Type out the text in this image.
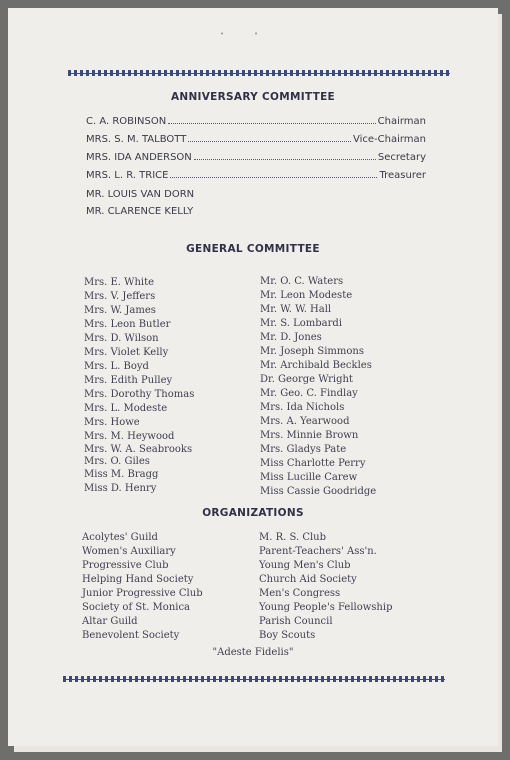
•	•
ANNIVERSARY COMMITTEE
C. A. ROBINSON	Chairman
MRS. S. M. TALBOTT	Vice-Chairman
MRS. IDA ANDERSON	Secretary
MRS. L. R. TRICE	Treasurer
MR. LOUIS VAN DORN
MR. CLARENCE KELLY
GENERAL COMMITTEE
Mrs. E. White
Mrs. V. Jeffers
Mrs. W. James
Mrs. Leon Butler
Mrs. D. Wilson
Mrs. Violet Kelly
Mrs. L. Boyd
Mrs. Edith Pulley
Mrs. Dorothy Thomas
Mrs. L. Modeste
Mrs. Howe
Mrs. M. Heywood
Mrs. W. A. Seabrooks
Mrs. O. Giles
Miss M. Bragg
Miss D. Henry
Mr. O. C. Waters
Mr. Leon Modeste
Mr. W. W. Hall
Mr. S. Lombardi
Mr. D. Jones
Mr. Joseph Simmons
Mr. Archibald Beckles
Dr. George Wright
Mr. Geo. C. Findlay
Mrs. Ida Nichols
Mrs. A. Yearwood
Mrs. Minnie Brown
Mrs. Gladys Pate
Miss Charlotte Perry
Miss Lucille Carew
Miss Cassie Goodridge
ORGANIZATIONS
Acolytes' Guild
Women's Auxiliary
Progressive Club
Helping Hand Society
Junior Progressive Club
Society of St. Monica
Altar Guild
Benevolent Society
M. R. S. Club
Parent-Teachers' Ass'n.
Young Men's Club
Church Aid Society
Men's Congress
Young People's Fellowship
Parish Council
Boy Scouts
"Adeste Fidelis"
